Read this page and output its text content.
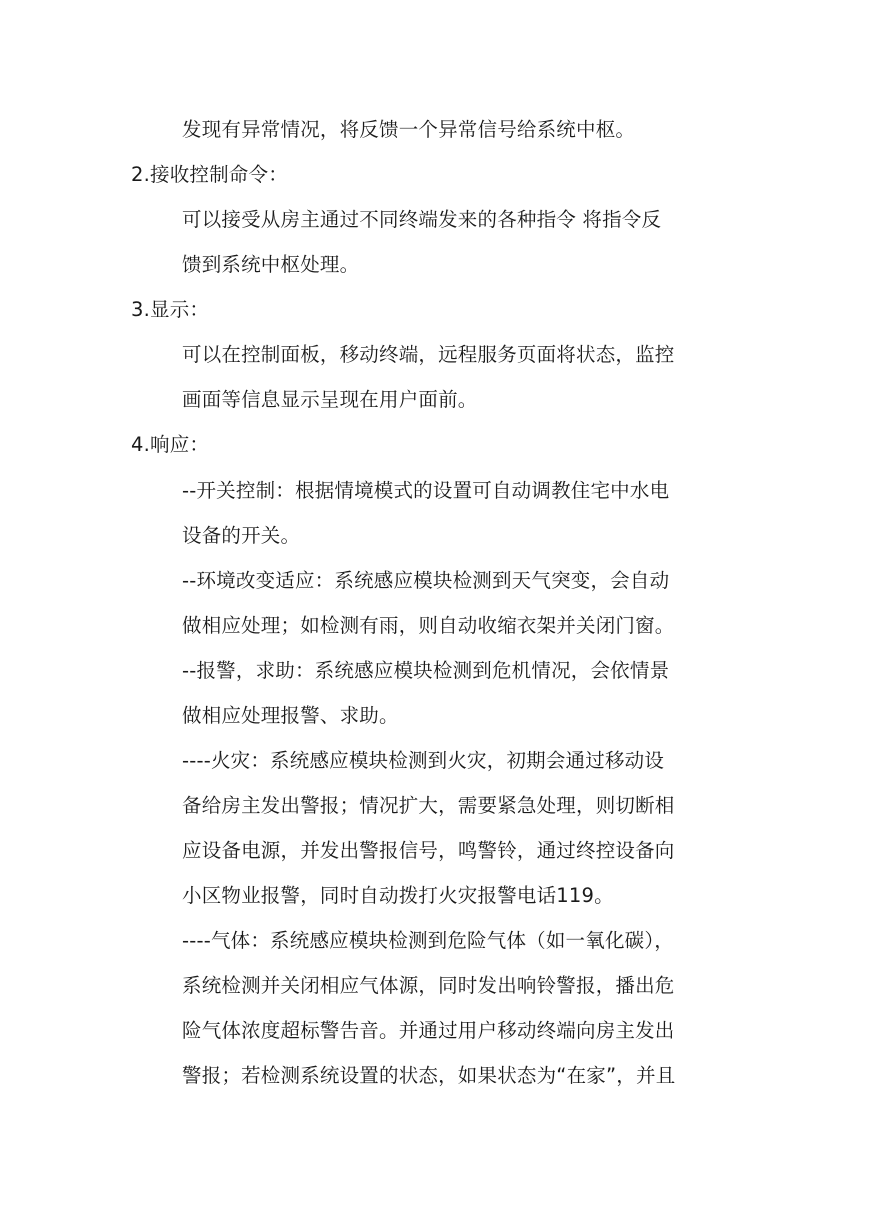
发现有异常情况，将反馈一个异常信号给系统中枢。
2.接收控制命令：
可以接受从房主通过不同终端发来的各种指令 将指令反
馈到系统中枢处理。
3.显示：
可以在控制面板，移动终端，远程服务页面将状态，监控
画面等信息显示呈现在用户面前。
4.响应：
--开关控制：根据情境模式的设置可自动调教住宅中水电
设备的开关。
--环境改变适应：系统感应模块检测到天气突变，会自动
做相应处理；如检测有雨，则自动收缩衣架并关闭门窗。
--报警，求助：系统感应模块检测到危机情况，会依情景
做相应处理报警、求助。
----火灾：系统感应模块检测到火灾，初期会通过移动设
备给房主发出警报；情况扩大，需要紧急处理，则切断相
应设备电源，并发出警报信号，鸣警铃，通过终控设备向
小区物业报警，同时自动拨打火灾报警电话119。
----气体：系统感应模块检测到危险气体（如一氧化碳），
系统检测并关闭相应气体源，同时发出响铃警报，播出危
险气体浓度超标警告音。并通过用户移动终端向房主发出
警报；若检测系统设置的状态，如果状态为“在家”，并且
